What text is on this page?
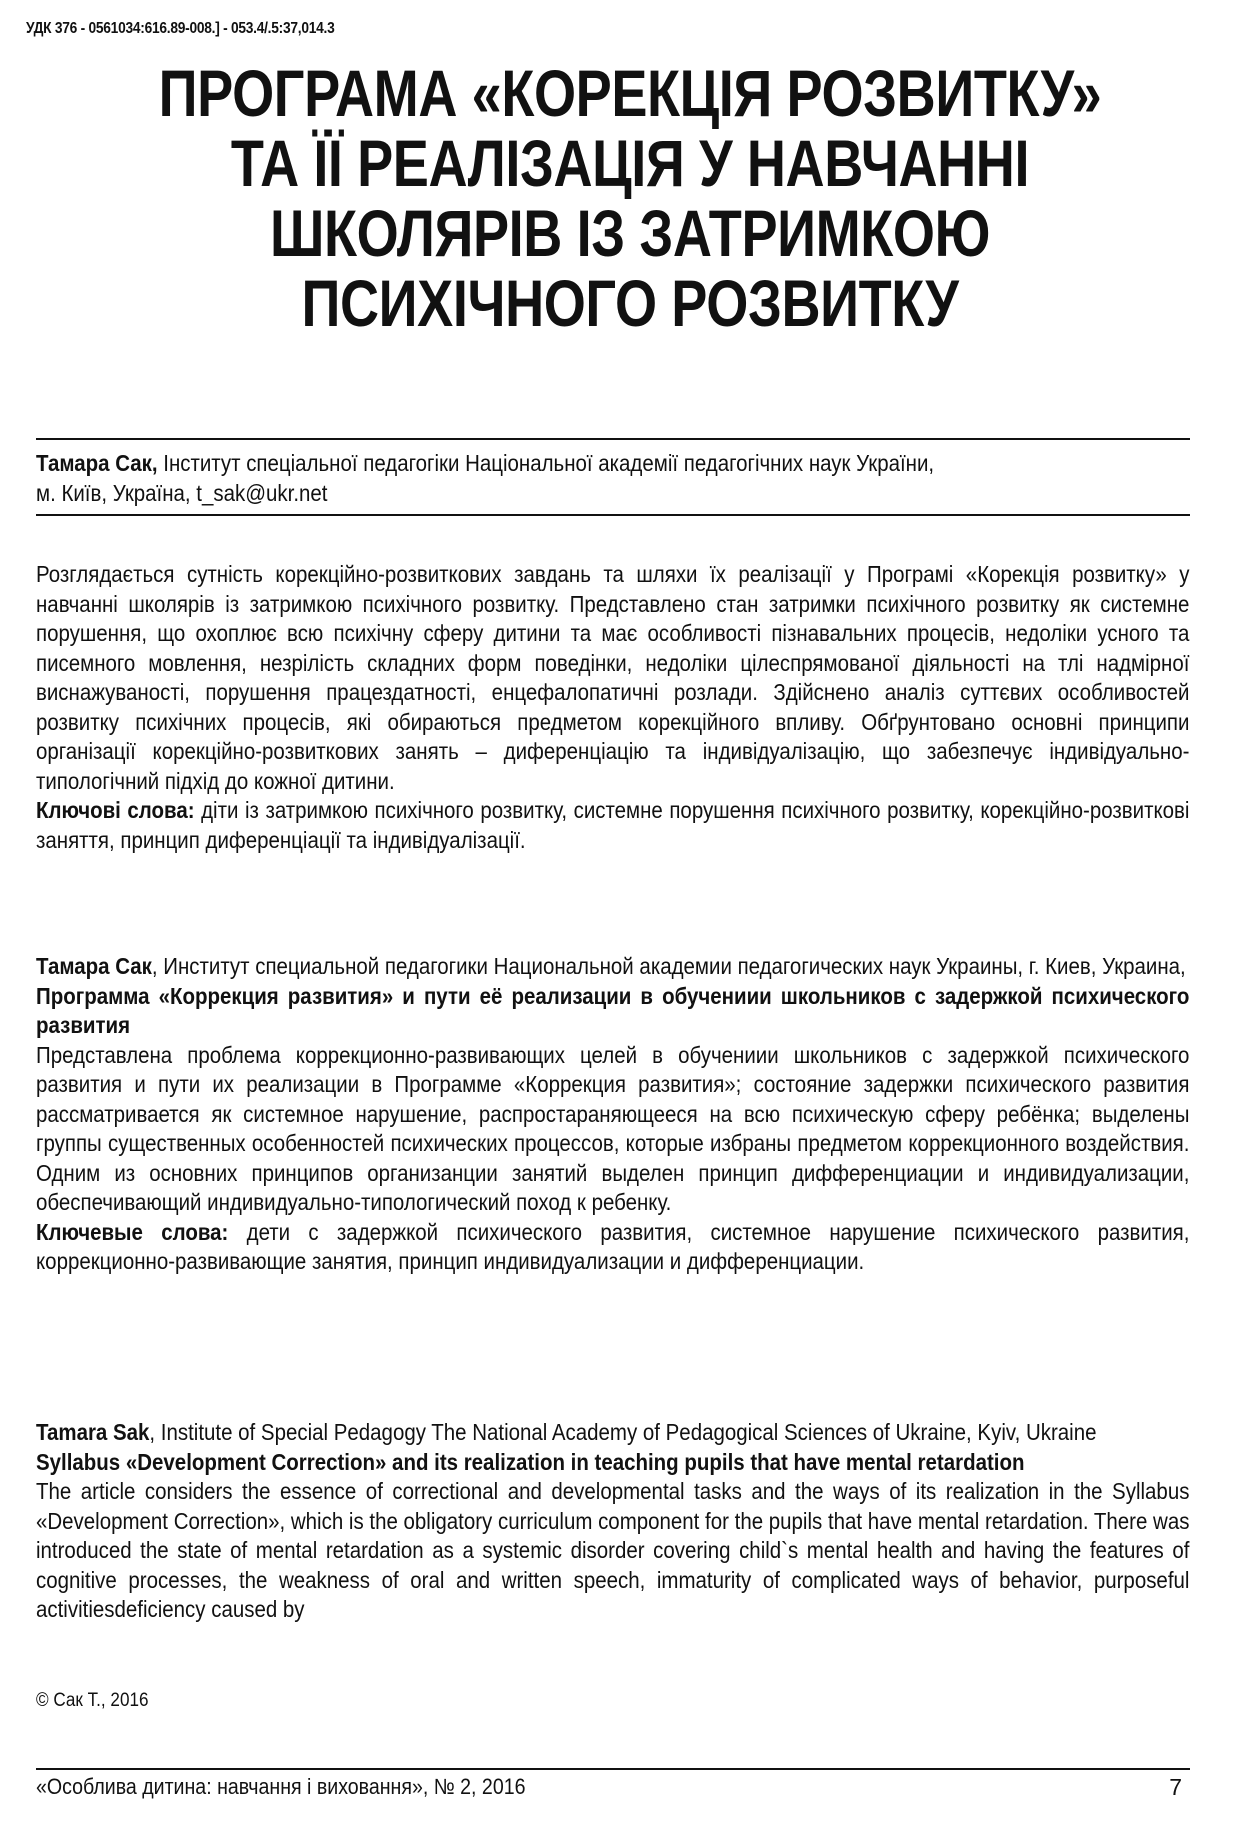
УДК 376 - 0561034:616.89-008.] - 053.4/.5:37,014.3
ПРОГРАМА «КОРЕКЦІЯ РОЗВИТКУ»
ТА ЇЇ РЕАЛІЗАЦІЯ У НАВЧАННІ
ШКОЛЯРІВ ІЗ ЗАТРИМКОЮ
ПСИХІЧНОГО РОЗВИТКУ
Тамара Сак, Інститут спеціальної педагогіки Національної академії педагогічних наук України,
м. Київ, Україна, t_sak@ukr.net

Розглядається сутність корекційно-розвиткових завдань та шляхи їх реалізації у Програмі «Корекція розвитку» у навчанні школярів із затримкою психічного розвитку. Представлено стан затримки психічного розвитку як системне порушення, що охоплює всю психічну сферу дитини та має особливості пізнавальних процесів, недоліки усного та писемного мовлення, незрілість складних форм поведінки, недоліки цілеспрямованої діяльності на тлі надмірної виснажуваності, порушення працездатності, енцефалопатичні розлади. Здійснено аналіз суттєвих особливостей розвитку психічних процесів, які обираються предметом корекційного впливу. Обґрунтовано основні принципи організації корекційно-розвиткових занять – диференціацію та індивідуалізацію, що забезпечує індивідуально-типологічний підхід до кожної дитини.

Ключові слова: діти із затримкою психічного розвитку, системне порушення психічного розвитку, корекційно-розвиткові заняття, принцип диференціації та індивідуалізації.

Тамара Сак, Институт специальной педагогики Национальной академии педагогических наук Украины, г. Киев, Украина,

Программа «Коррекция развития» и пути её реализации в обучениии школьников с задержкой психического развития

Представлена проблема коррекционно-развивающих целей в обучениии школьников с задержкой психического развития и пути их реализации в Программе «Коррекция развития»; состояние задержки психического развития рассматривается як системное нарушение, распростараняющееся на всю психическую сферу ребёнка; выделены группы существенных особенностей психических процессов, которые избраны предметом коррекционного воздействия. Одним из основних принципов организанции занятий выделен принцип дифференциации и индивидуализации, обеспечивающий индивидуально-типологический поход к ребенку.

Ключевые слова: дети с задержкой психического развития, системное нарушение психического развития, коррекционно-развивающие занятия, принцип индивидуализации и дифференциации.

Tamara Sak, Institute of Special Pedagogy The National Academy of Pedagogical Sciences of Ukraine, Kyiv, Ukraine

Syllabus «Development Correction» and its realization in teaching pupils that have mental retardation

The article considers the essence of correctional and developmental tasks and the ways of its realization in the Syllabus «Development Correction», which is the obligatory curriculum component for the pupils that have mental retardation. There was introduced the state of mental retardation as a systemic disorder covering child`s mental health and having the features of cognitive processes, the weakness of oral and written speech, immaturity of complicated ways of behavior, purposeful activitiesdeficiency caused by

© Сак Т., 2016
«Особлива дитина: навчання і виховання», № 2, 2016	7
